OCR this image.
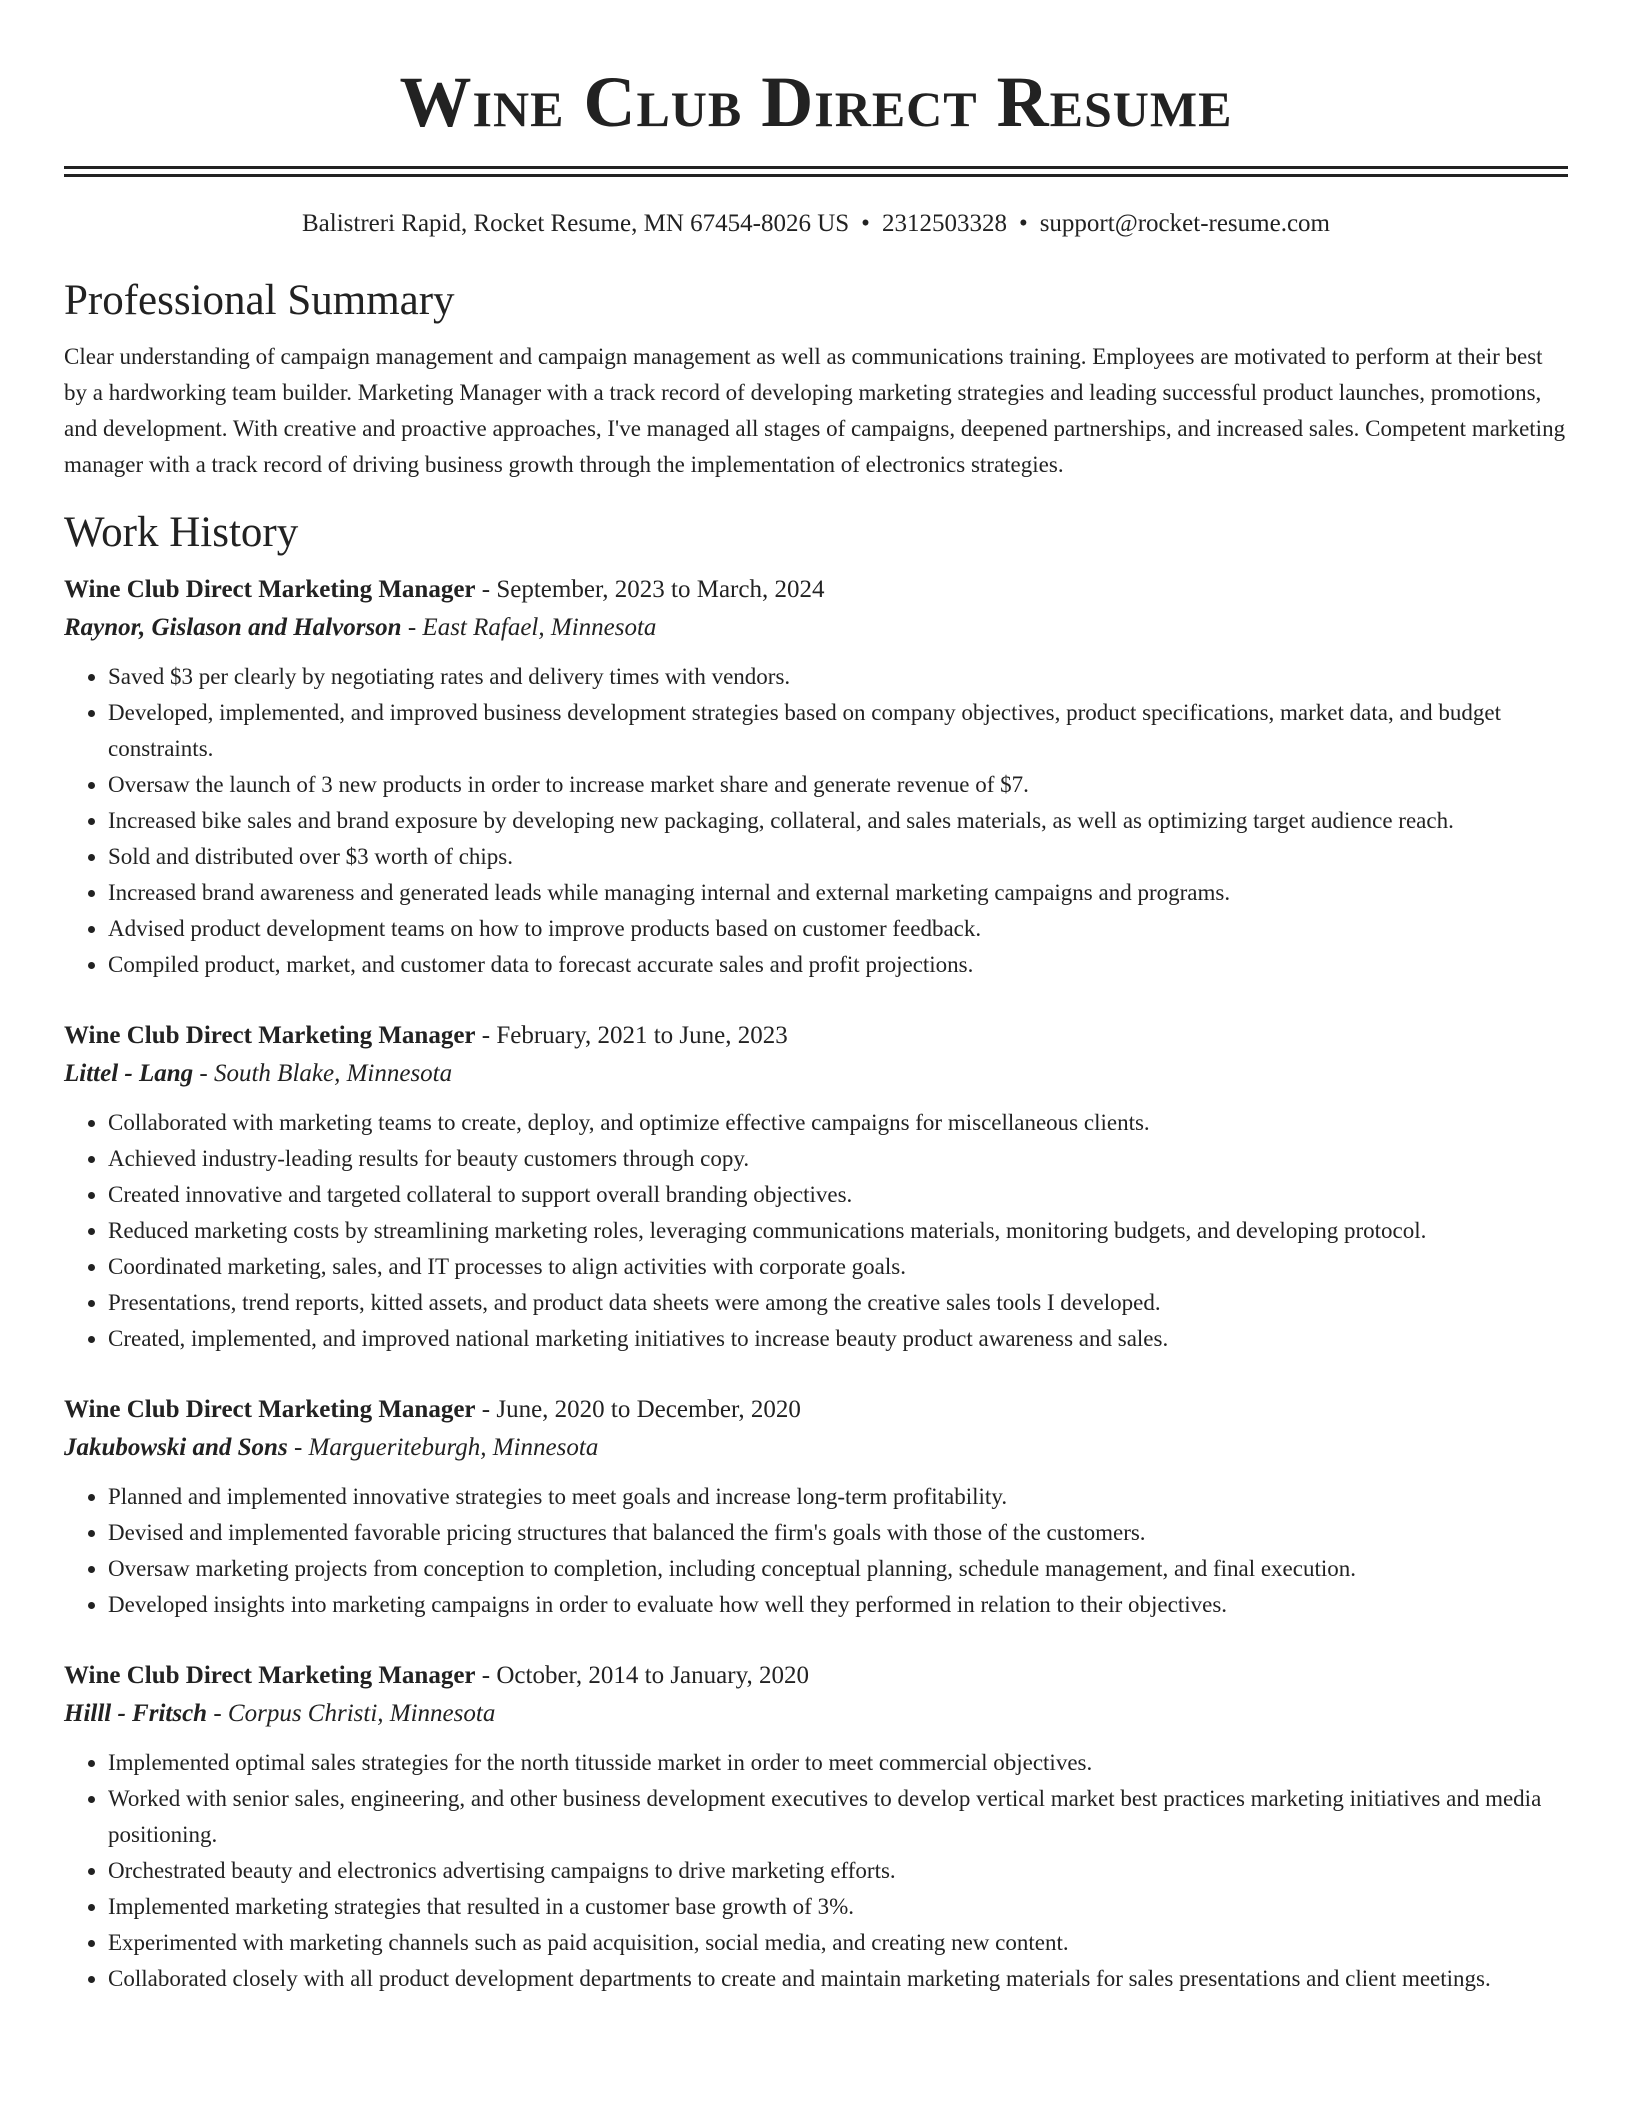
Wine Club Direct Resume
Balistreri Rapid, Rocket Resume, MN 67454-8026 US • 2312503328 • support@rocket-resume.com
Professional Summary

Clear understanding of campaign management and campaign management as well as communications training. Employees are motivated to perform at their best by a hardworking team builder. Marketing Manager with a track record of developing marketing strategies and leading successful product launches, promotions, and development. With creative and proactive approaches, I've managed all stages of campaigns, deepened partnerships, and increased sales. Competent marketing manager with a track record of driving business growth through the implementation of electronics strategies.

Work History
Wine Club Direct Marketing Manager - September, 2023 to March, 2024
Raynor, Gislason and Halvorson - East Rafael, Minnesota
• Saved $3 per clearly by negotiating rates and delivery times with vendors.
• Developed, implemented, and improved business development strategies based on company objectives, product specifications, market data, and budget constraints.
• Oversaw the launch of 3 new products in order to increase market share and generate revenue of $7.
• Increased bike sales and brand exposure by developing new packaging, collateral, and sales materials, as well as optimizing target audience reach.
• Sold and distributed over $3 worth of chips.
• Increased brand awareness and generated leads while managing internal and external marketing campaigns and programs.
• Advised product development teams on how to improve products based on customer feedback.
• Compiled product, market, and customer data to forecast accurate sales and profit projections.
Wine Club Direct Marketing Manager - February, 2021 to June, 2023
Littel - Lang - South Blake, Minnesota
• Collaborated with marketing teams to create, deploy, and optimize effective campaigns for miscellaneous clients.
• Achieved industry-leading results for beauty customers through copy.
• Created innovative and targeted collateral to support overall branding objectives.
• Reduced marketing costs by streamlining marketing roles, leveraging communications materials, monitoring budgets, and developing protocol.
• Coordinated marketing, sales, and IT processes to align activities with corporate goals.
• Presentations, trend reports, kitted assets, and product data sheets were among the creative sales tools I developed.
• Created, implemented, and improved national marketing initiatives to increase beauty product awareness and sales.
Wine Club Direct Marketing Manager - June, 2020 to December, 2020
Jakubowski and Sons - Margueriteburgh, Minnesota
• Planned and implemented innovative strategies to meet goals and increase long-term profitability.
• Devised and implemented favorable pricing structures that balanced the firm's goals with those of the customers.
• Oversaw marketing projects from conception to completion, including conceptual planning, schedule management, and final execution.
• Developed insights into marketing campaigns in order to evaluate how well they performed in relation to their objectives.
Wine Club Direct Marketing Manager - October, 2014 to January, 2020
Hilll - Fritsch - Corpus Christi, Minnesota
• Implemented optimal sales strategies for the north titusside market in order to meet commercial objectives.
• Worked with senior sales, engineering, and other business development executives to develop vertical market best practices marketing initiatives and media positioning.
• Orchestrated beauty and electronics advertising campaigns to drive marketing efforts.
• Implemented marketing strategies that resulted in a customer base growth of 3%.
• Experimented with marketing channels such as paid acquisition, social media, and creating new content.
• Collaborated closely with all product development departments to create and maintain marketing materials for sales presentations and client meetings.
